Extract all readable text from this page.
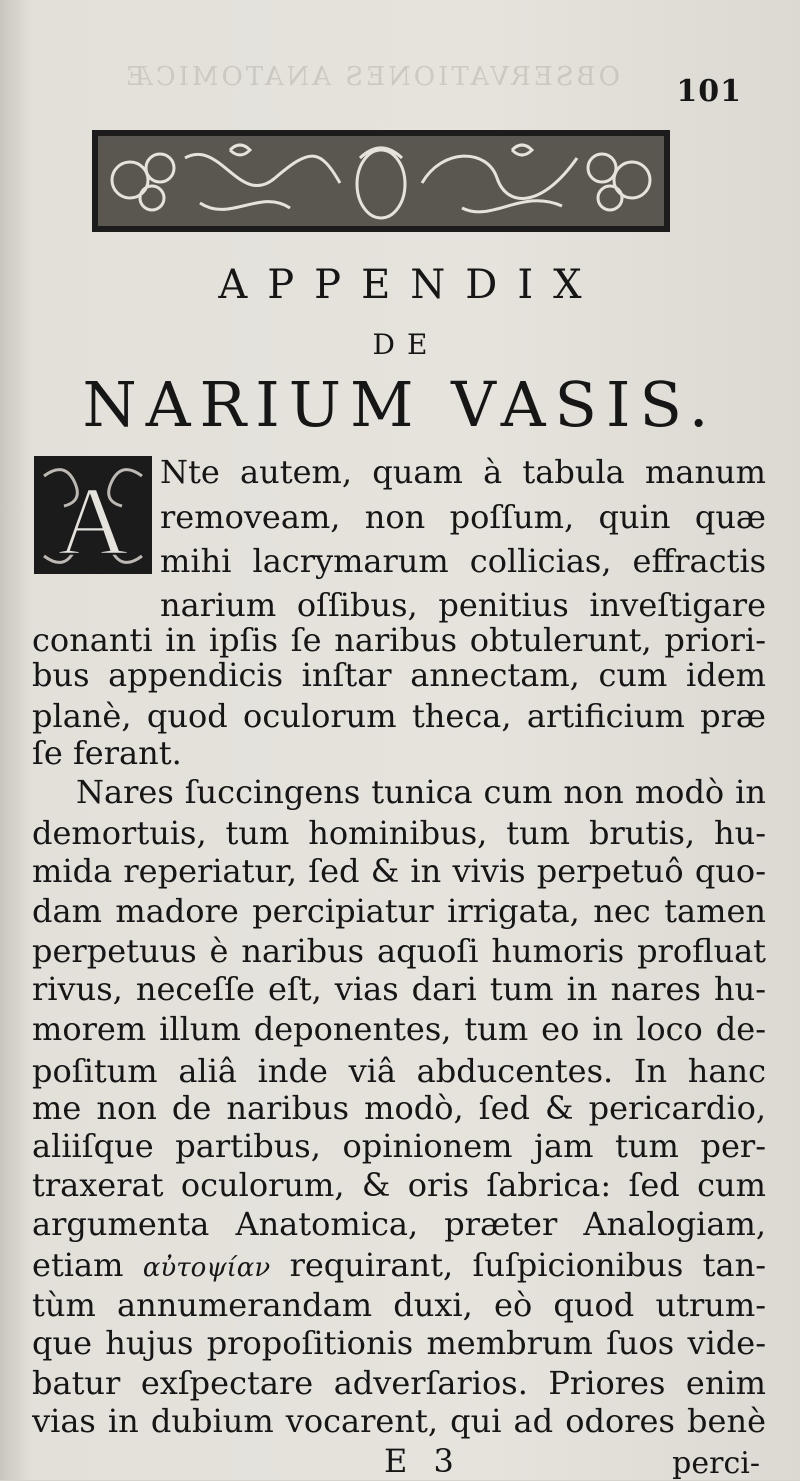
OBSERVATIONES ANATOMICÆ 101
APPENDIX
DE
NARIUM VASIS.
A Nte autem, quam à tabula manum
removeam, non poſſum, quin quæ
mihi lacrymarum collicias, effractis
narium oſſibus, penitius inveſtigare
conanti in ipſis ſe naribus obtulerunt, priori-
bus appendicis inſtar annectam, cum idem
planè, quod oculorum theca, artificium præ
ſe ferant.
Nares ſuccingens tunica cum non modò in
demortuis, tum hominibus, tum brutis, hu-
mida reperiatur, ſed & in vivis perpetuô quo-
dam madore percipiatur irrigata, nec tamen
perpetuus è naribus aquoſi humoris profluat
rivus, neceſſe eſt, vias dari tum in nares hu-
morem illum deponentes, tum eo in loco de-
poſitum aliâ inde viâ abducentes. In hanc
me non de naribus modò, ſed & pericardio,
aliiſque partibus, opinionem jam tum per-
traxerat oculorum, & oris ſabrica: ſed cum
argumenta Anatomica, præter Analogiam,
etiam αὐτοψίαν requirant, ſuſpicionibus tan-
tùm annumerandam duxi, eò quod utrum-
que hujus propoſitionis membrum ſuos vide-
batur exſpectare adverſarios. Priores enim
vias in dubium vocarent, qui ad odores benè
E 3	perci-
